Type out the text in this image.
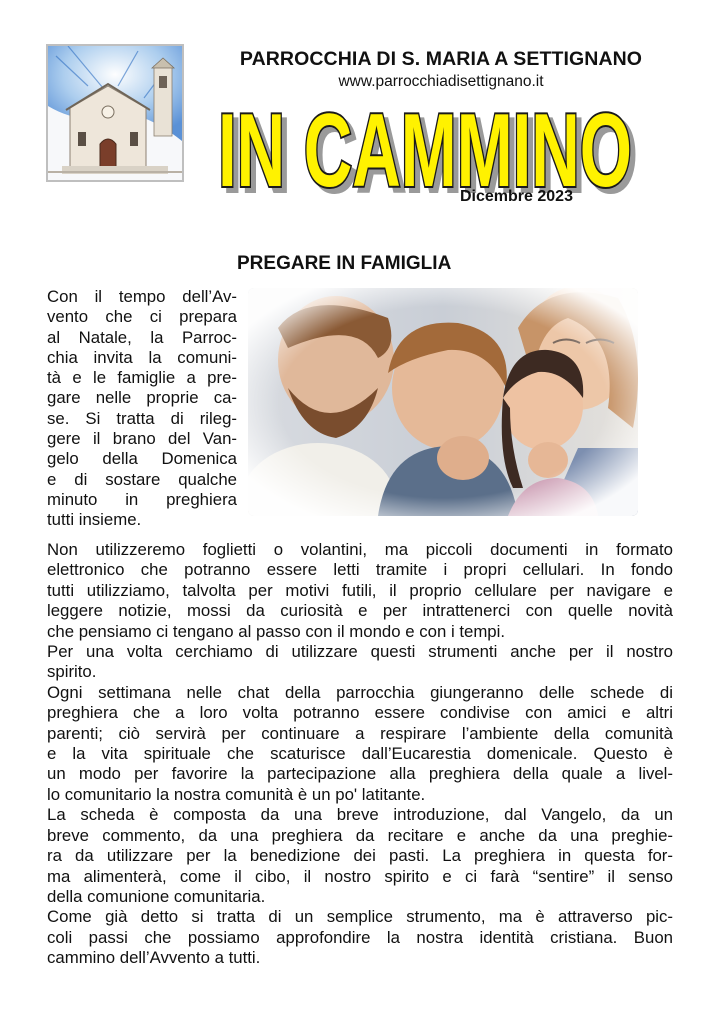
PARROCCHIA DI S. MARIA A SETTIGNANO
www.parrocchiadisettignano.it
IN CAMMINO
IN CAMMINO
Dicembre 2023
PREGARE IN FAMIGLIA
Con il tempo dell’Av-
vento che ci prepara
al Natale, la Parroc-
chia invita la comuni-
tà e le famiglie a pre-
gare nelle proprie ca-
se. Si tratta di rileg-
gere il brano del Van-
gelo della Domenica
e di sostare qualche
minuto in preghiera
tutti insieme.
Non utilizzeremo foglietti o volantini, ma piccoli documenti in formato
elettronico che potranno essere letti tramite i propri cellulari. In fondo
tutti utilizziamo, talvolta per motivi futili, il proprio cellulare per navigare e
leggere notizie, mossi da curiosità e per intrattenerci con quelle novità
che pensiamo ci tengano al passo con il mondo e con i tempi.
Per una volta cerchiamo di utilizzare questi strumenti anche per il nostro
spirito.
Ogni settimana nelle chat della parrocchia giungeranno delle schede di
preghiera che a loro volta potranno essere condivise con amici e altri
parenti; ciò servirà per continuare a respirare l’ambiente della comunità
e la vita spirituale che scaturisce dall’Eucarestia domenicale. Questo è
un modo per favorire la partecipazione alla preghiera della quale a livel-
lo comunitario la nostra comunità è un po' latitante.
La scheda è composta da una breve introduzione, dal Vangelo, da un
breve commento, da una preghiera da recitare e anche da una preghie-
ra da utilizzare per la benedizione dei pasti. La preghiera in questa for-
ma alimenterà, come il cibo, il nostro spirito e ci farà “sentire” il senso
della comunione comunitaria.
Come già detto si tratta di un semplice strumento, ma è attraverso pic-
coli passi che possiamo approfondire la nostra identità cristiana. Buon
cammino dell’Avvento a tutti.
